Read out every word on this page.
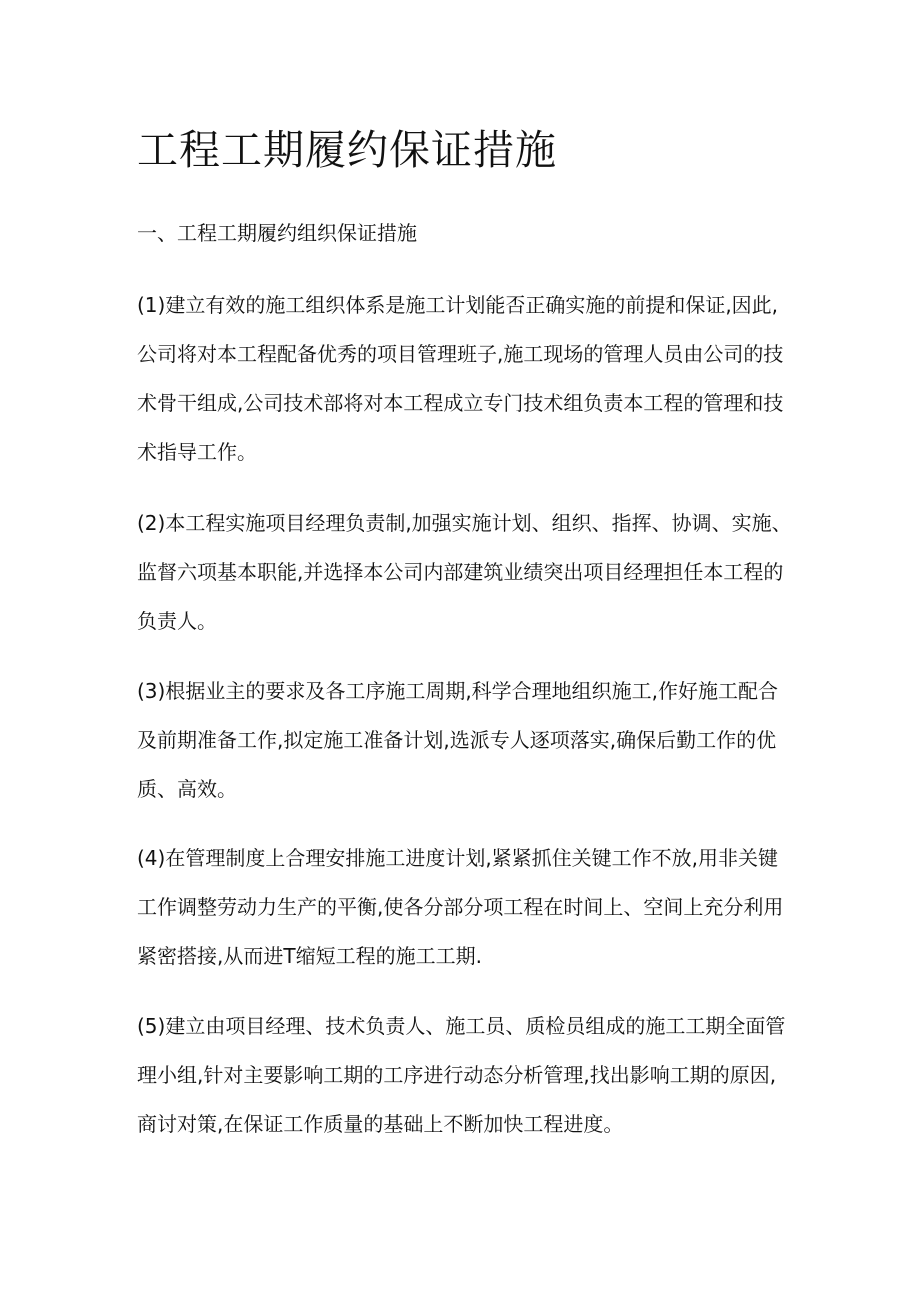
工程工期履约保证措施
一、工程工期履约组织保证措施

(1)建立有效的施工组织体系是施工计划能否正确实施的前提和保证,因此,
公司将对本工程配备优秀的项目管理班子,施工现场的管理人员由公司的技
术骨干组成,公司技术部将对本工程成立专门技术组负责本工程的管理和技
术指导工作。

(2)本工程实施项目经理负责制,加强实施计划、组织、指挥、协调、实施、
监督六项基本职能,并选择本公司内部建筑业绩突出项目经理担任本工程的
负责人。

(3)根据业主的要求及各工序施工周期,科学合理地组织施工,作好施工配合
及前期准备工作,拟定施工准备计划,选派专人逐项落实,确保后勤工作的优
质、高效。

(4)在管理制度上合理安排施工进度计划,紧紧抓住关键工作不放,用非关键
工作调整劳动力生产的平衡,使各分部分项工程在时间上、空间上充分利用
紧密搭接,从而进T缩短工程的施工工期.

(5)建立由项目经理、技术负责人、施工员、质检员组成的施工工期全面管
理小组,针对主要影响工期的工序进行动态分析管理,找出影响工期的原因,
商讨对策,在保证工作质量的基础上不断加快工程进度。
